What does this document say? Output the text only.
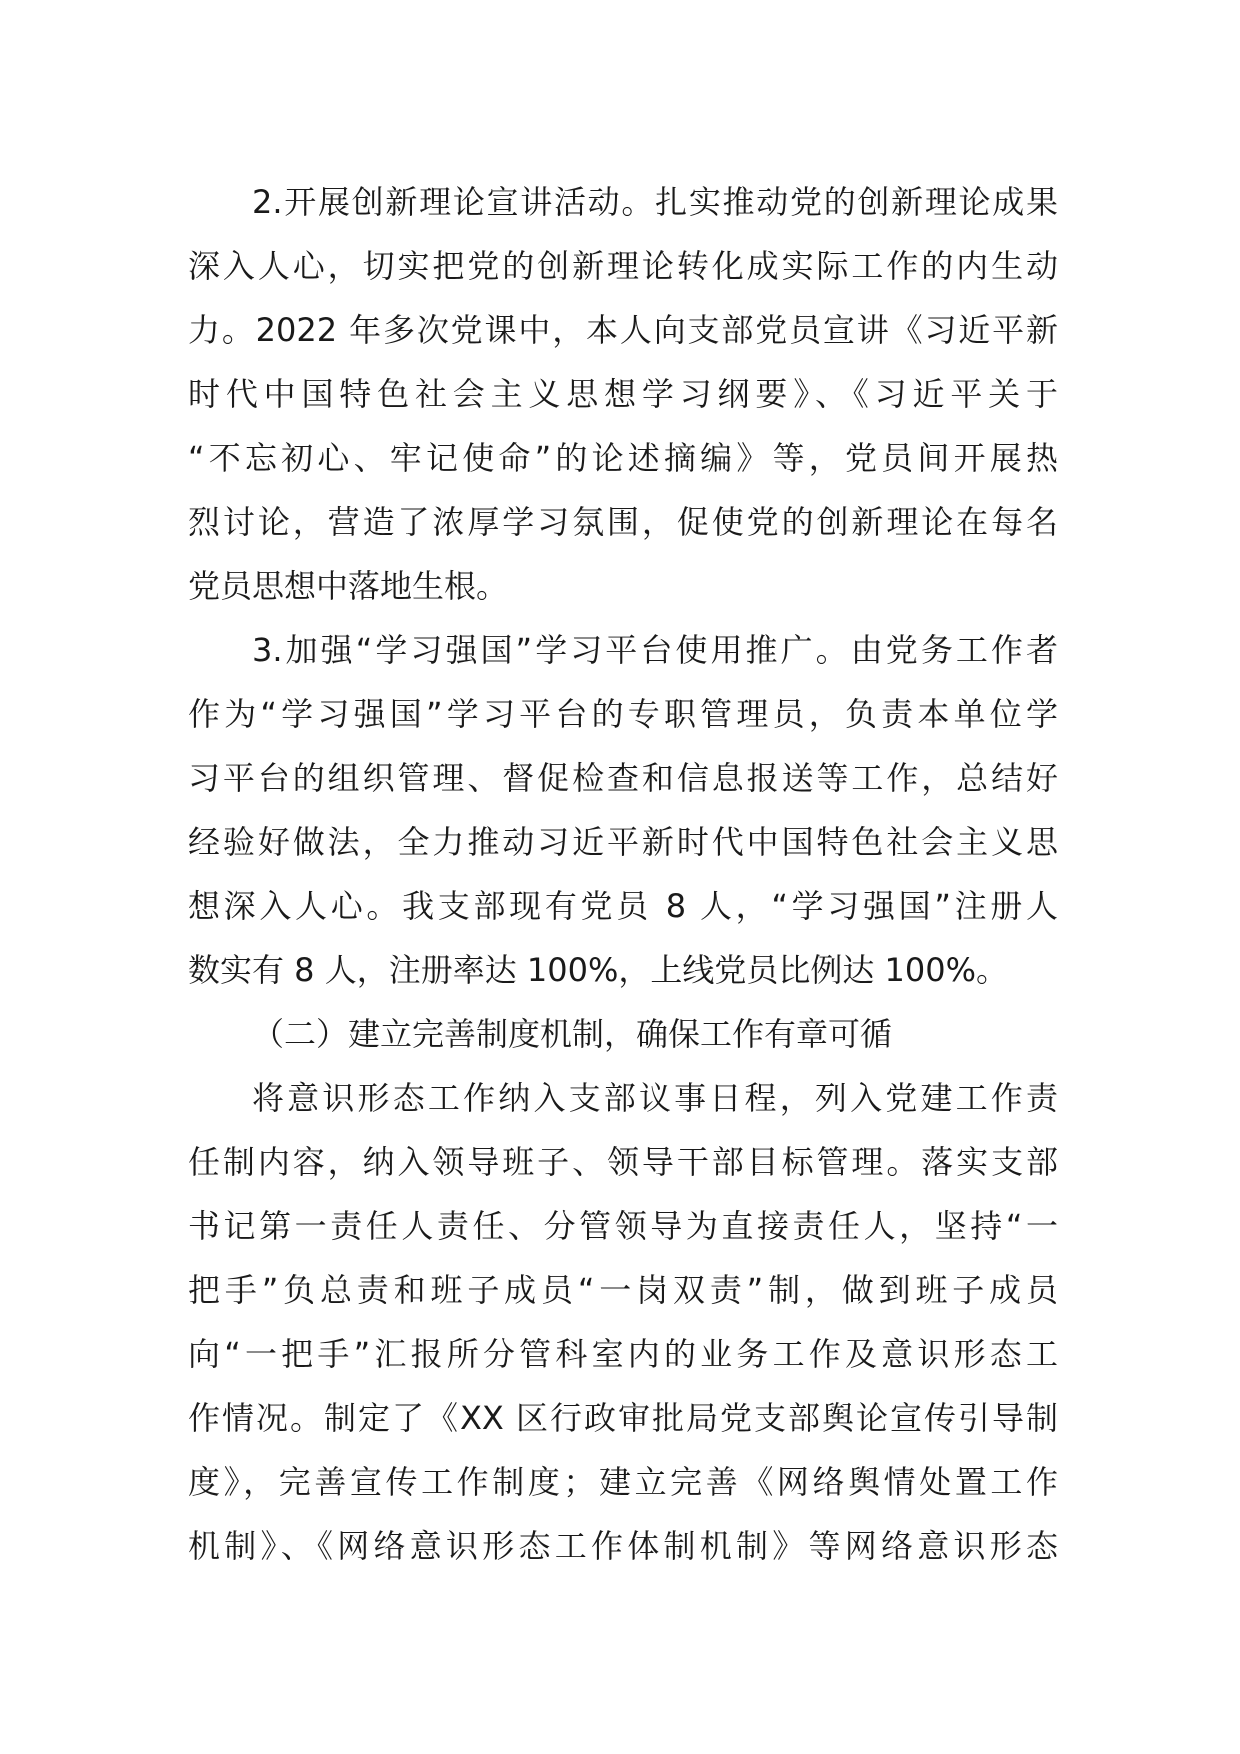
2.开展创新理论宣讲活动。扎实推动党的创新理论成果
深入人心，切实把党的创新理论转化成实际工作的内生动
力。2022 年多次党课中，本人向支部党员宣讲《习近平新
时代中国特色社会主义思想学习纲要》、《习近平关于
“不忘初心、牢记使命”的论述摘编》等，党员间开展热
烈讨论，营造了浓厚学习氛围，促使党的创新理论在每名
党员思想中落地生根。
3.加强“学习强国”学习平台使用推广。由党务工作者
作为“学习强国”学习平台的专职管理员，负责本单位学
习平台的组织管理、督促检查和信息报送等工作，总结好
经验好做法，全力推动习近平新时代中国特色社会主义思
想深入人心。我支部现有党员 8 人，“学习强国”注册人
数实有 8 人，注册率达 100%，上线党员比例达 100%。
（二）建立完善制度机制，确保工作有章可循
将意识形态工作纳入支部议事日程，列入党建工作责
任制内容，纳入领导班子、领导干部目标管理。落实支部
书记第一责任人责任、分管领导为直接责任人，坚持“一
把手”负总责和班子成员“一岗双责”制，做到班子成员
向“一把手”汇报所分管科室内的业务工作及意识形态工
作情况。制定了《XX 区行政审批局党支部舆论宣传引导制
度》，完善宣传工作制度；建立完善《网络舆情处置工作
机制》、《网络意识形态工作体制机制》等网络意识形态
